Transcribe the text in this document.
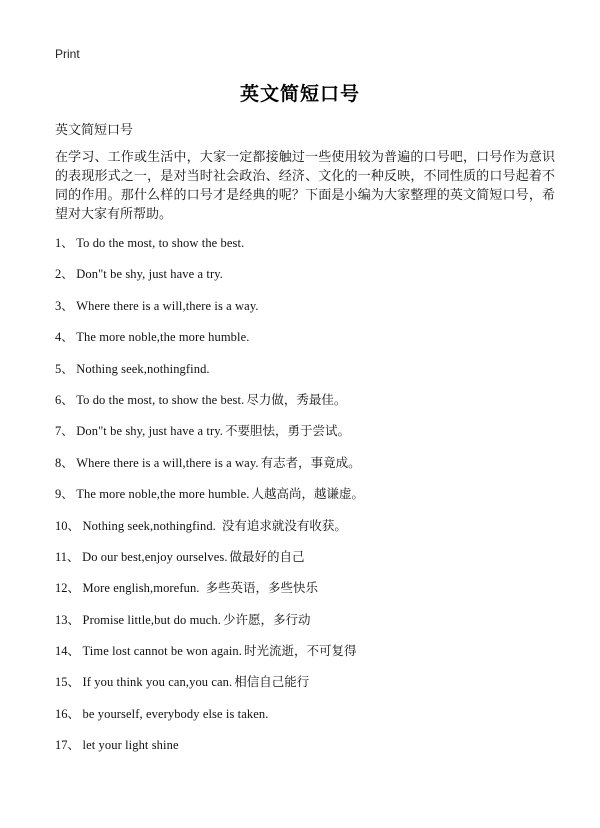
Print
英文简短口号
英文简短口号
在学习、工作或生活中，大家一定都接触过一些使用较为普遍的口号吧，口号作为意识的表现形式之一，是对当时社会政治、经济、文化的一种反映，不同性质的口号起着不同的作用。那什么样的口号才是经典的呢？下面是小编为大家整理的英文简短口号，希望对大家有所帮助。
1、 To do the most, to show the best.
2、 Don"t be shy, just have a try.
3、 Where there is a will,there is a way.
4、 The more noble,the more humble.
5、 Nothing seek,nothingfind.
6、 To do the most, to show the best. 尽力做，秀最佳。
7、 Don"t be shy, just have a try. 不要胆怯，勇于尝试。
8、 Where there is a will,there is a way. 有志者，事竟成。
9、 The more noble,the more humble. 人越高尚，越谦虚。
10、 Nothing seek,nothingfind. 没有追求就没有收获。
11、 Do our best,enjoy ourselves. 做最好的自己
12、 More english,morefun. 多些英语，多些快乐
13、 Promise little,but do much. 少许愿，多行动
14、 Time lost cannot be won again. 时光流逝，不可复得
15、 If you think you can,you can. 相信自己能行
16、 be yourself, everybody else is taken.
17、 let your light shine
